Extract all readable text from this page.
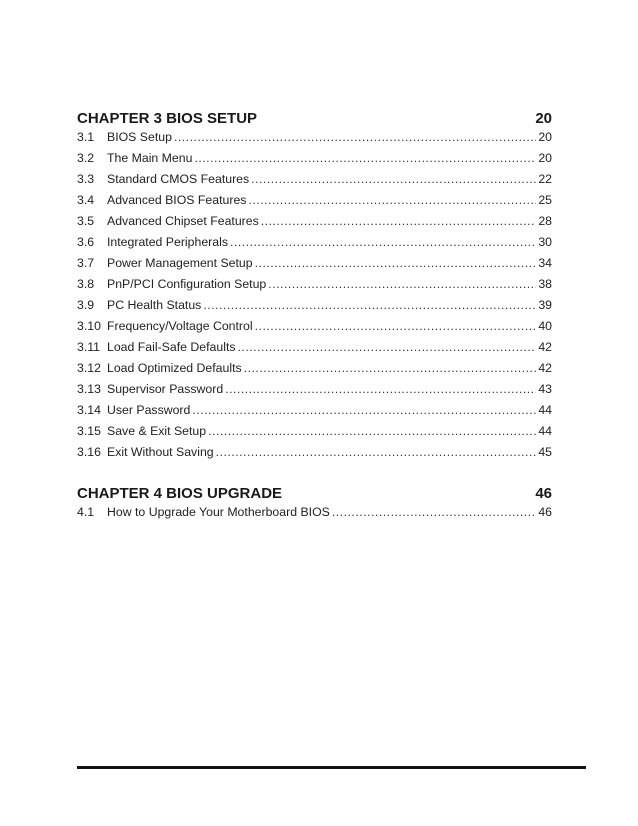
CHAPTER 3 BIOS SETUP	20
3.1	BIOS Setup .....	20
3.2	The Main Menu .....	20
3.3	Standard CMOS Features .....	22
3.4	Advanced BIOS Features .....	25
3.5	Advanced Chipset Features .....	28
3.6	Integrated Peripherals .....	30
3.7	Power Management Setup .....	34
3.8	PnP/PCI Configuration Setup .....	38
3.9	PC Health Status .....	39
3.10 Frequency/Voltage Control .....	40
3.11 Load Fail-Safe Defaults .....	42
3.12 Load Optimized Defaults .....	42
3.13 Supervisor Password .....	43
3.14 User Password .....	44
3.15 Save & Exit Setup .....	44
3.16 Exit Without Saving .....	45
CHAPTER 4 BIOS UPGRADE	46
4.1	How to Upgrade Your Motherboard BIOS .....	46
